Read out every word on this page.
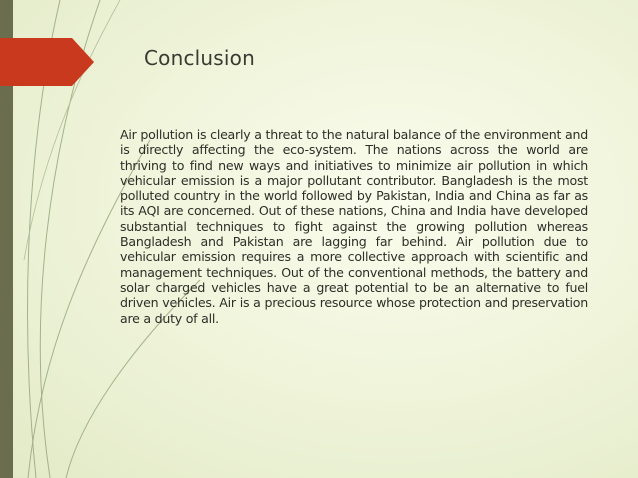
Conclusion

Air pollution is clearly a threat to the natural balance of the environment and is directly affecting the eco-system. The nations across the world are thriving to find new ways and initiatives to minimize air pollution in which vehicular emission is a major pollutant contributor. Bangladesh is the most polluted country in the world followed by Pakistan, India and China as far as its AQI are concerned. Out of these nations, China and India have developed substantial techniques to fight against the growing pollution whereas Bangladesh and Pakistan are lagging far behind. Air pollution due to vehicular emission requires a more collective approach with scientific and management techniques. Out of the conventional methods, the battery and solar charged vehicles have a great potential to be an alternative to fuel driven vehicles. Air is a precious resource whose protection and preservation are a duty of all.
